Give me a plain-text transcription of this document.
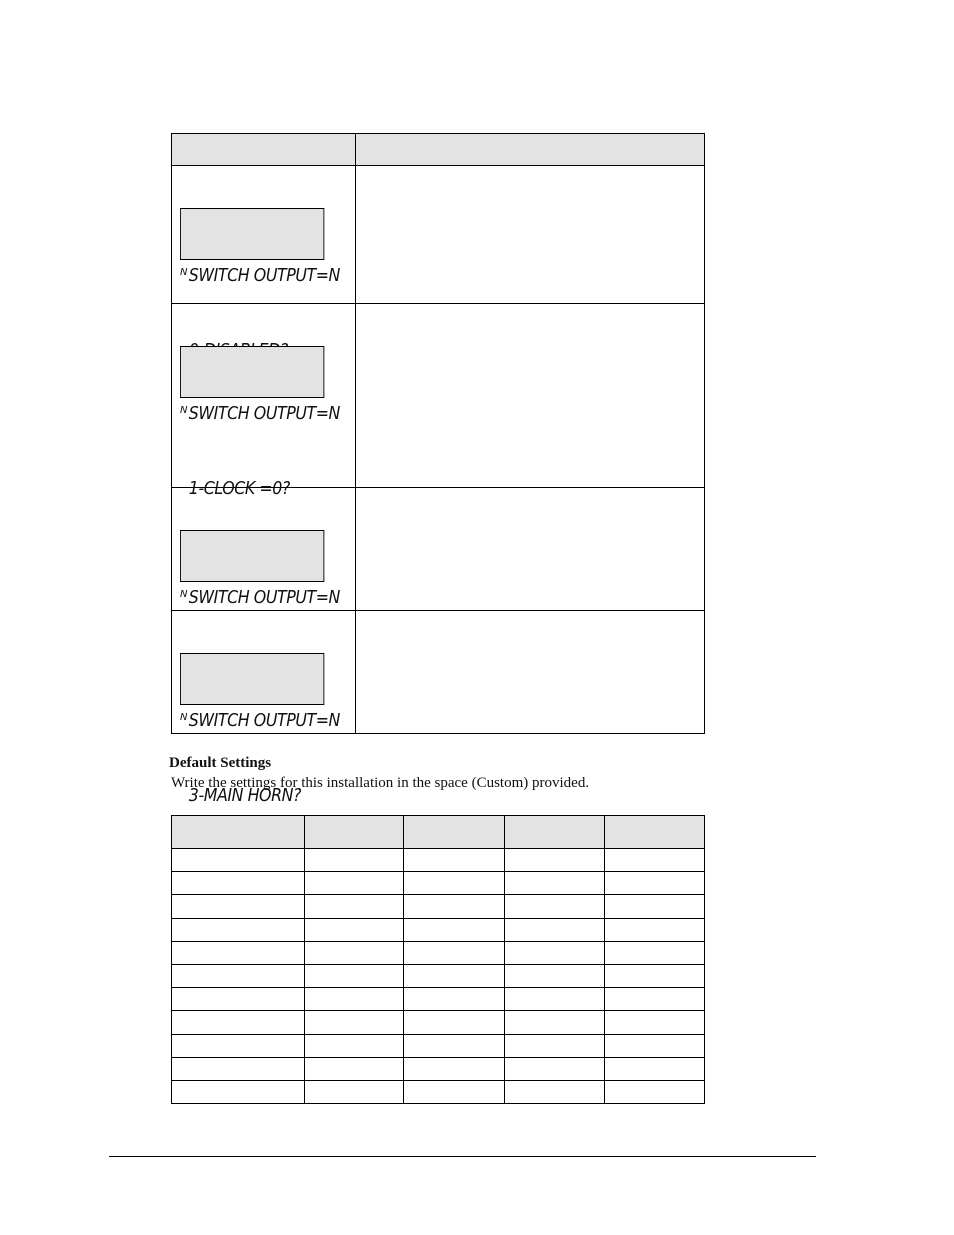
SWITCH OUTPUT=N

N	

SWITCH OUTPUT=N

1-CLOCK =0?

N	

SWITCH OUTPUT=N

N	

SWITCH OUTPUT=N

3-MAIN HORN?

N	

Default Settings
Write the settings for this installation in the space (Custom) provided.
